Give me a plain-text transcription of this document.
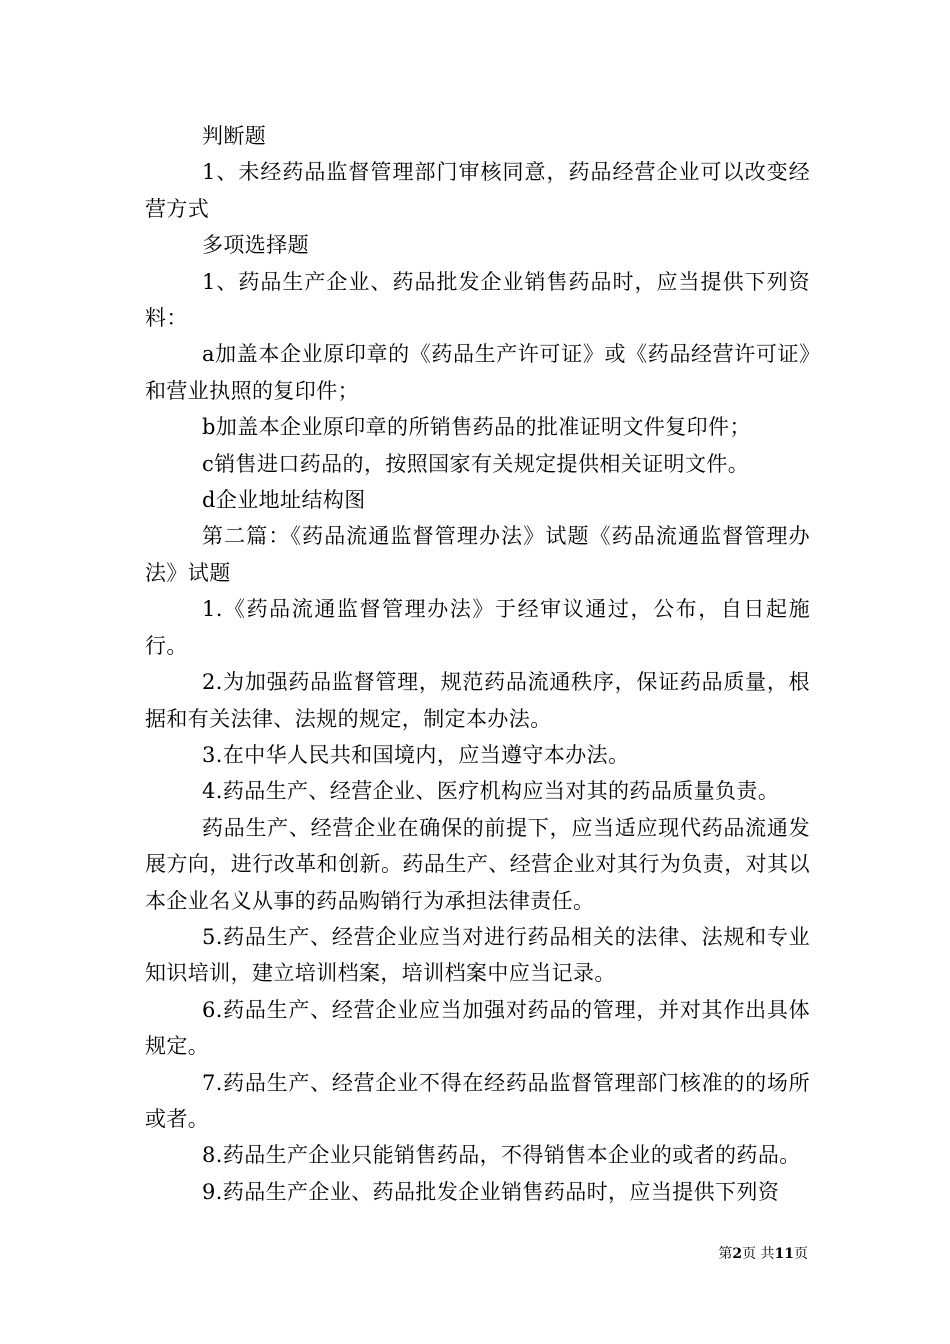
判断题

1、未经药品监督管理部门审核同意，药品经营企业可以改变经营方式

多项选择题

1、药品生产企业、药品批发企业销售药品时，应当提供下列资料：

a加盖本企业原印章的《药品生产许可证》或《药品经营许可证》和营业执照的复印件；

b加盖本企业原印章的所销售药品的批准证明文件复印件；

c销售进口药品的，按照国家有关规定提供相关证明文件。

d企业地址结构图

第二篇：《药品流通监督管理办法》试题《药品流通监督管理办法》试题

1.《药品流通监督管理办法》于经审议通过，公布，自日起施行。

2.为加强药品监督管理，规范药品流通秩序，保证药品质量，根据和有关法律、法规的规定，制定本办法。

3.在中华人民共和国境内，应当遵守本办法。

4.药品生产、经营企业、医疗机构应当对其的药品质量负责。

药品生产、经营企业在确保的前提下，应当适应现代药品流通发展方向，进行改革和创新。药品生产、经营企业对其行为负责，对其以本企业名义从事的药品购销行为承担法律责任。

5.药品生产、经营企业应当对进行药品相关的法律、法规和专业知识培训，建立培训档案，培训档案中应当记录。

6.药品生产、经营企业应当加强对药品的管理，并对其作出具体规定。

7.药品生产、经营企业不得在经药品监督管理部门核准的的场所或者。

8.药品生产企业只能销售药品，不得销售本企业的或者的药品。

9.药品生产企业、药品批发企业销售药品时，应当提供下列资

第2页 共11页
